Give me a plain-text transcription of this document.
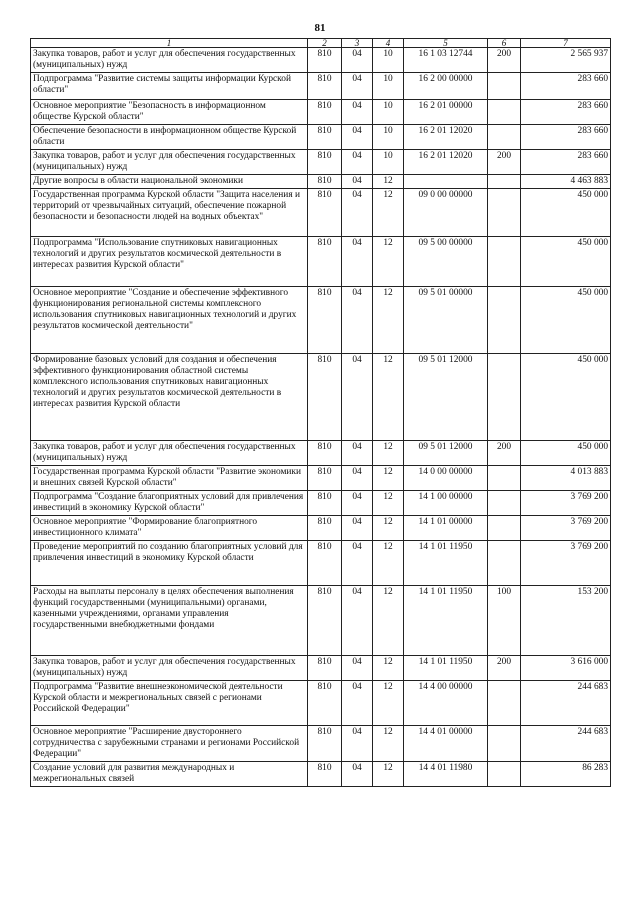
81
1	2	3	4	5	6	7
Закупка товаров, работ и услуг для обеспечения государственных (муниципальных) нужд	810	04	10	16 1 03 12744	200	2 565 937
Подпрограмма "Развитие системы защиты информации Курской области"	810	04	10	16 2 00 00000		283 660
Основное мероприятие "Безопасность в информационном обществе Курской области"	810	04	10	16 2 01 00000		283 660
Обеспечение безопасности в информационном обществе Курской области	810	04	10	16 2 01 12020		283 660
Закупка товаров, работ и услуг для обеспечения государственных (муниципальных) нужд	810	04	10	16 2 01 12020	200	283 660
Другие вопросы в области национальной экономики	810	04	12			4 463 883
Государственная программа Курской области "Защита населения и территорий от чрезвычайных ситуаций, обеспечение пожарной безопасности и безопасности людей на водных объектах"	810	04	12	09 0 00 00000		450 000
Подпрограмма "Использование спутниковых навигационных технологий и других результатов космической деятельности в интересах развития Курской области"	810	04	12	09 5 00 00000		450 000
Основное мероприятие "Создание и обеспечение эффективного функционирования региональной системы комплексного использования спутниковых навигационных технологий и других результатов космической деятельности"	810	04	12	09 5 01 00000		450 000
Формирование базовых условий для создания и обеспечения эффективного функционирования областной системы комплексного использования спутниковых навигационных технологий и других результатов космической деятельности в интересах развития Курской области	810	04	12	09 5 01 12000		450 000
Закупка товаров, работ и услуг для обеспечения государственных (муниципальных) нужд	810	04	12	09 5 01 12000	200	450 000
Государственная программа Курской области "Развитие экономики и внешних связей Курской области"	810	04	12	14 0 00 00000		4 013 883
Подпрограмма "Создание благоприятных условий для привлечения инвестиций в экономику Курской области"	810	04	12	14 1 00 00000		3 769 200
Основное мероприятие "Формирование благоприятного инвестиционного климата"	810	04	12	14 1 01 00000		3 769 200
Проведение мероприятий по созданию благоприятных условий для привлечения инвестиций в экономику Курской области	810	04	12	14 1 01 11950		3 769 200
Расходы на выплаты персоналу в целях обеспечения выполнения функций государственными (муниципальными) органами, казенными учреждениями, органами управления государственными внебюджетными фондами	810	04	12	14 1 01 11950	100	153 200
Закупка товаров, работ и услуг для обеспечения государственных (муниципальных) нужд	810	04	12	14 1 01 11950	200	3 616 000
Подпрограмма "Развитие внешнеэкономической деятельности Курской области и межрегиональных связей с регионами Российской Федерации"	810	04	12	14 4 00 00000		244 683
Основное мероприятие "Расширение двустороннего сотрудничества с зарубежными странами и регионами Российской Федерации"	810	04	12	14 4 01 00000		244 683
Создание условий для развития международных и межрегиональных связей	810	04	12	14 4 01 11980		86 283
